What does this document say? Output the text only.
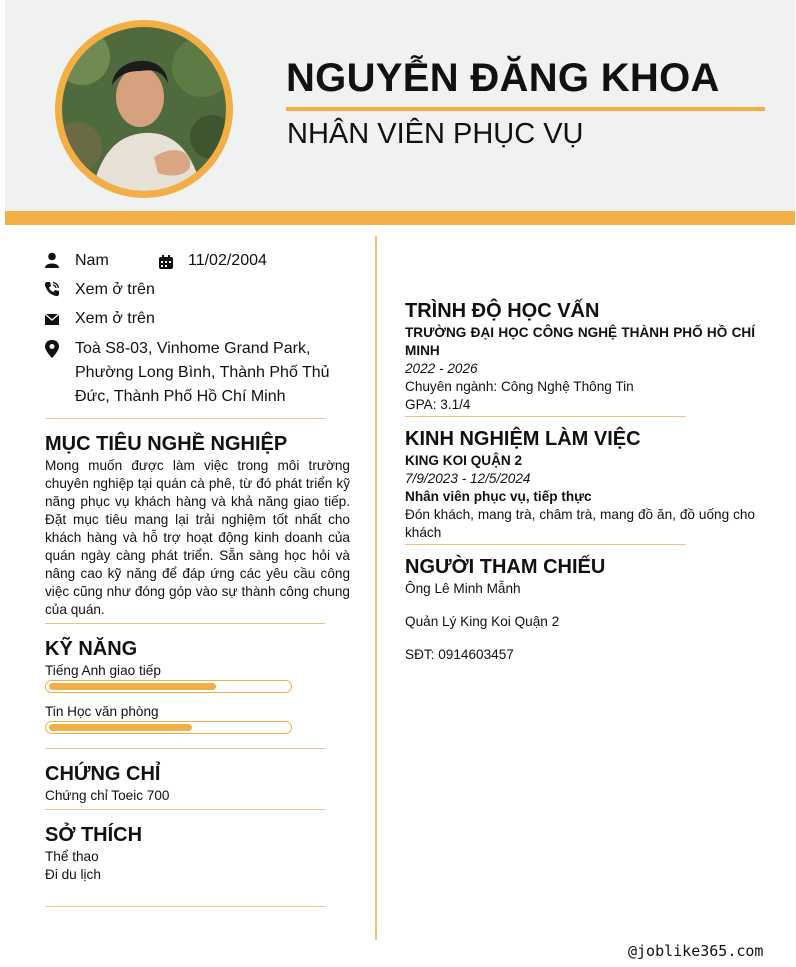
NGUYỄN ĐĂNG KHOA
NHÂN VIÊN PHỤC VỤ
Nam	11/02/2004
Xem ở trên
Xem ở trên
Toà S8-03, Vinhome Grand Park, Phường Long Bình, Thành Phố Thủ Đức, Thành Phố Hồ Chí Minh
MỤC TIÊU NGHỀ NGHIỆP
Mong muốn được làm việc trong môi trường chuyên nghiệp tại quán cà phê, từ đó phát triển kỹ năng phục vụ khách hàng và khả năng giao tiếp. Đặt mục tiêu mang lại trải nghiệm tốt nhất cho khách hàng và hỗ trợ hoạt động kinh doanh của quán ngày càng phát triển. Sẵn sàng học hỏi và nâng cao kỹ năng để đáp ứng các yêu cầu công việc cũng như đóng góp vào sự thành công chung của quán.
KỸ NĂNG
Tiếng Anh giao tiếp
Tin Học văn phòng
CHỨNG CHỈ
Chứng chỉ Toeic 700
SỞ THÍCH
Thể thao
Đi du lịch
TRÌNH ĐỘ HỌC VẤN
TRƯỜNG ĐẠI HỌC CÔNG NGHỆ THÀNH PHỐ HỒ CHÍ MINH
2022 - 2026
Chuyên ngành: Công Nghệ Thông Tin
GPA: 3.1/4
KINH NGHIỆM LÀM VIỆC
KING KOI QUẬN 2
7/9/2023 - 12/5/2024
Nhân viên phục vụ, tiếp thực
Đón khách, mang trà, châm trà, mang đồ ăn, đồ uống cho khách
NGƯỜI THAM CHIẾU
Ông Lê Minh Mẫnh
Quản Lý King Koi Quận 2
SĐT: 0914603457
@joblike365.com
